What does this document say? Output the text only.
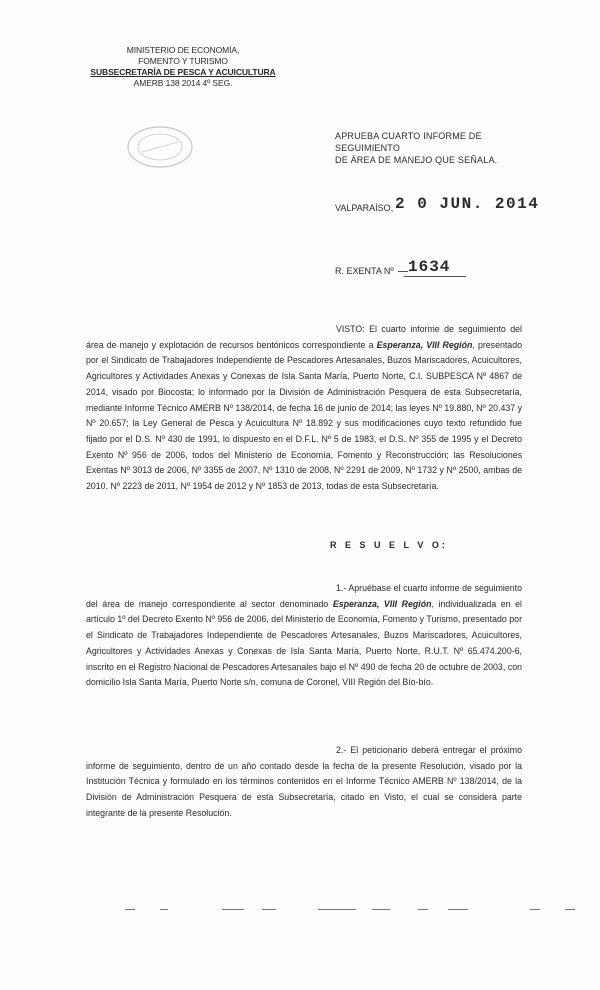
MINISTERIO DE ECONOMÍA,
FOMENTO Y TURISMO
SUBSECRETARÍA DE PESCA Y ACUICULTURA
AMERB 138 2014 4º SEG.
APRUEBA CUARTO INFORME DE SEGUIMIENTO
DE ÁREA DE MANEJO QUE SEÑALA.
VALPARAÍSO, 2 0 JUN. 2014
R. EXENTA Nº 1634
VISTO: El cuarto informe de seguimiento del área de manejo y explotación de recursos bentónicos correspondiente a Esperanza, VIII Región, presentado por el Sindicato de Trabajadores Independiente de Pescadores Artesanales, Buzos Mariscadores, Acuicultores, Agricultores y Actividades Anexas y Conexas de Isla Santa María, Puerto Norte, C.I. SUBPESCA Nº 4867 de 2014, visado por Biocosta; lo informado por la División de Administración Pesquera de esta Subsecretaría, mediante Informe Técnico AMERB Nº 138/2014, de fecha 16 de junio de 2014; las leyes Nº 19.880, Nº 20.437 y Nº 20.657; la Ley General de Pesca y Acuicultura Nº 18.892 y sus modificaciones cuyo texto refundido fue fijado por el D.S. Nº 430 de 1991, lo dispuesto en el D.F.L. Nº 5 de 1983, el D.S. Nº 355 de 1995 y el Decreto Exento Nº 956 de 2006, todos del Ministerio de Economía, Fomento y Reconstrucción; las Resoluciones Exentas Nº 3013 de 2006, Nº 3355 de 2007, Nº 1310 de 2008, Nº 2291 de 2009, Nº 1732 y Nº 2500, ambas de 2010, Nº 2223 de 2011, Nº 1954 de 2012 y Nº 1853 de 2013, todas de esta Subsecretaría.
R E S U E L V O:
1.- Apruébase el cuarto informe de seguimiento del área de manejo correspondiente al sector denominado Esperanza, VIII Región, individualizada en el artículo 1º del Decreto Exento Nº 956 de 2006, del Ministerio de Economía, Fomento y Turismo, presentado por el Sindicato de Trabajadores Independiente de Pescadores Artesanales, Buzos Mariscadores, Acuicultores, Agricultores y Actividades Anexas y Conexas de Isla Santa María, Puerto Norte, R.U.T. Nº 65.474.200-6, inscrito en el Registro Nacional de Pescadores Artesanales bajo el Nº 490 de fecha 20 de octubre de 2003, con domicilio Isla Santa María, Puerto Norte s/n, comuna de Coronel, VIII Región del Bío-bío.
2.- El peticionario deberá entregar el próximo informe de seguimiento, dentro de un año contado desde la fecha de la presente Resolución, visado por la Institución Técnica y formulado en los términos contenidos en el Informe Técnico AMERB Nº 138/2014, de la División de Administración Pesquera de esta Subsecretaría, citado en Visto, el cual se considera parte integrante de la presente Resolución.
